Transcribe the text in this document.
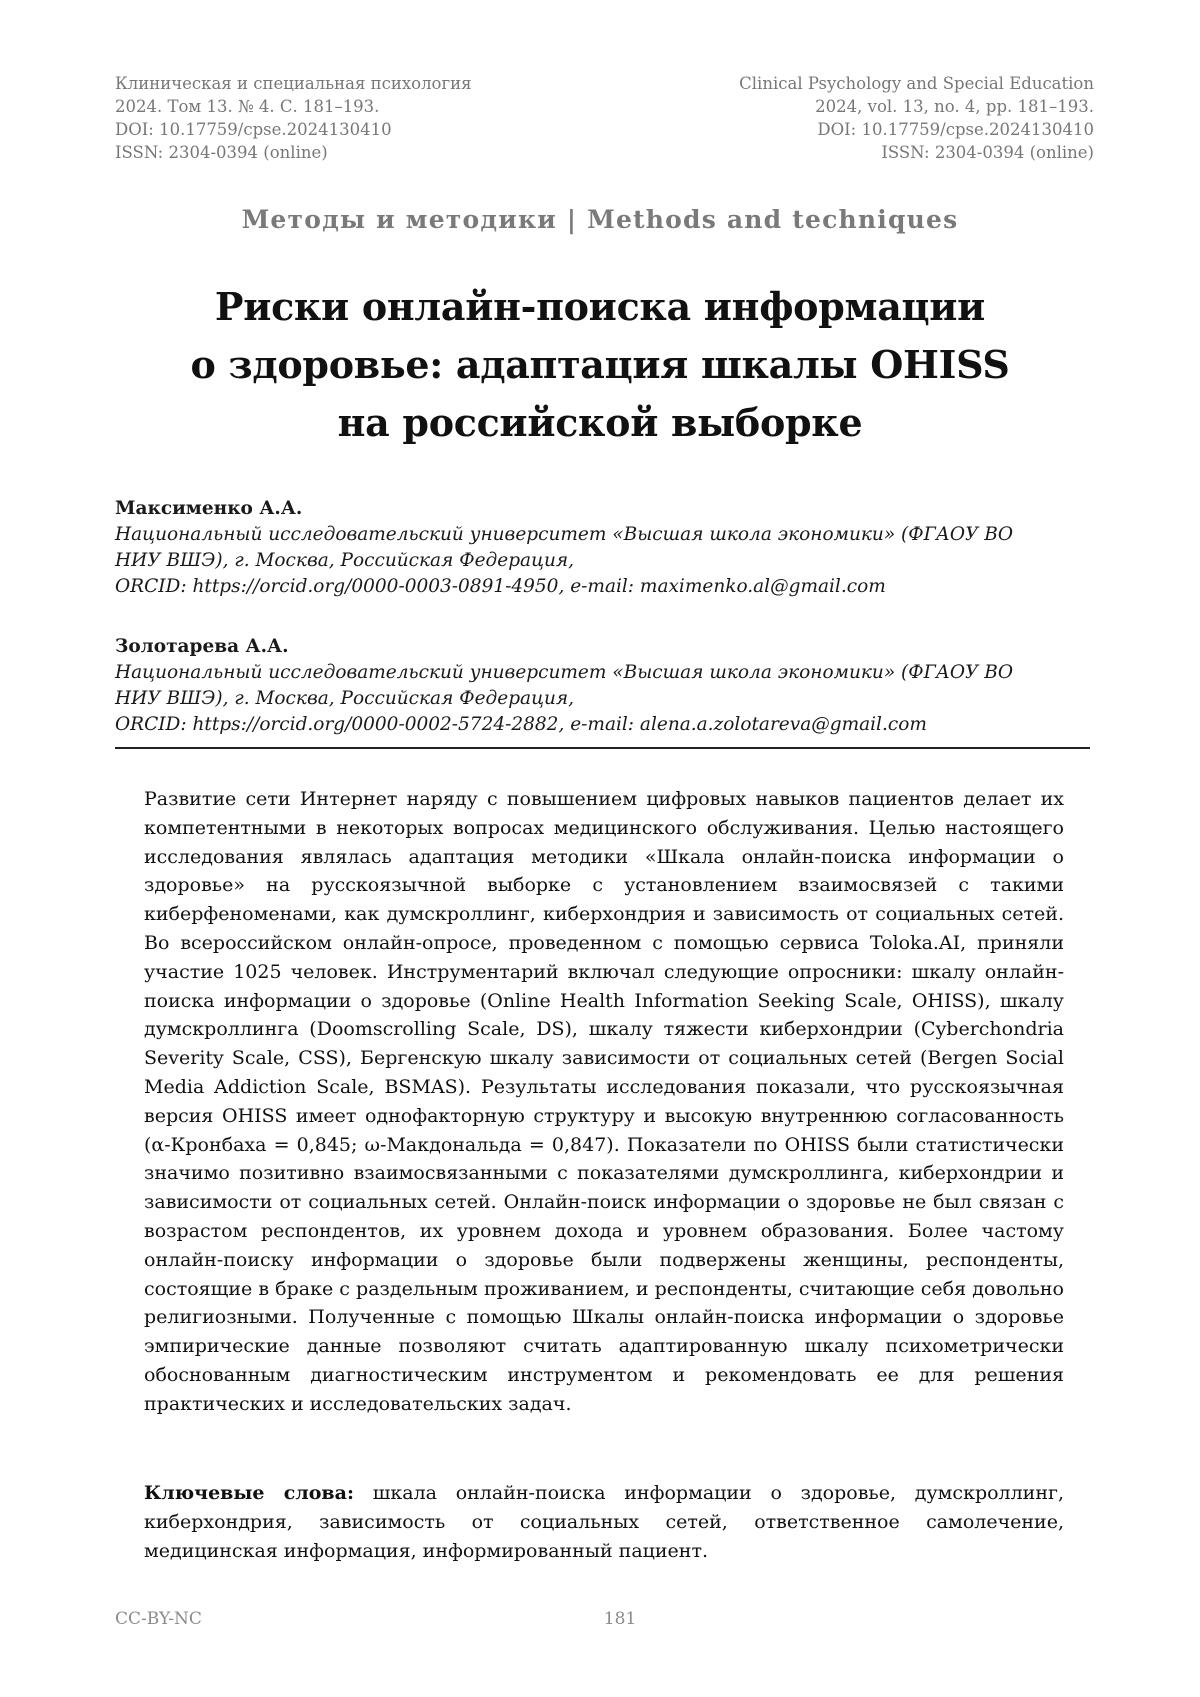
Клиническая и специальная психология
2024. Том 13. № 4. С. 181–193.
DOI: 10.17759/cpse.2024130410
ISSN: 2304-0394 (online)
Clinical Psychology and Special Education
2024, vol. 13, no. 4, pp. 181–193.
DOI: 10.17759/cpse.2024130410
ISSN: 2304-0394 (online)
Методы и методики | Methods and techniques
Риски онлайн-поиска информации
о здоровье: адаптация шкалы OHISS
на российской выборке
Максименко А.А.
Национальный исследовательский университет «Высшая школа экономики» (ФГАОУ ВО
НИУ ВШЭ), г. Москва, Российская Федерация,
ORCID: https://orcid.org/0000-0003-0891-4950, e-mail: maximenko.al@gmail.com
Золотарева А.А.
Национальный исследовательский университет «Высшая школа экономики» (ФГАОУ ВО
НИУ ВШЭ), г. Москва, Российская Федерация,
ORCID: https://orcid.org/0000-0002-5724-2882, e-mail: alena.a.zolotareva@gmail.com
Развитие сети Интернет наряду с повышением цифровых навыков пациентов делает их компетентными в некоторых вопросах медицинского обслуживания. Целью настоящего исследования являлась адаптация методики «Шкала онлайн-поиска информации о здоровье» на русскоязычной выборке с установлением взаимосвязей с такими киберфеноменами, как думскроллинг, киберхондрия и зависимость от социальных сетей. Во всероссийском онлайн-опросе, проведенном с помощью сервиса Toloka.AI, приняли участие 1025 человек. Инструментарий включал следующие опросники: шкалу онлайн-поиска информации о здоровье (Online Health Information Seeking Scale, OHISS), шкалу думскроллинга (Doomscrolling Scale, DS), шкалу тяжести киберхондрии (Cyberchondria Severity Scale, CSS), Бергенскую шкалу зависимости от социальных сетей (Bergen Social Media Addiction Scale, BSMAS). Результаты исследования показали, что русскоязычная версия OHISS имеет однофакторную структуру и высокую внутреннюю согласованность (α-Кронбаха = 0,845; ω-Макдональда = 0,847). Показатели по OHISS были статистически значимо позитивно взаимосвязанными с показателями думскроллинга, киберхондрии и зависимости от социальных сетей. Онлайн-поиск информации о здоровье не был связан с возрастом респондентов, их уровнем дохода и уровнем образования. Более частому онлайн-поиску информации о здоровье были подвержены женщины, респонденты, состоящие в браке с раздельным проживанием, и респонденты, считающие себя довольно религиозными. Полученные с помощью Шкалы онлайн-поиска информации о здоровье эмпирические данные позволяют считать адаптированную шкалу психометрически обоснованным диагностическим инструментом и рекомендовать ее для решения практических и исследовательских задач.
Ключевые слова: шкала онлайн-поиска информации о здоровье, думскроллинг, киберхондрия, зависимость от социальных сетей, ответственное самолечение, медицинская информация, информированный пациент.
CC-BY-NC	181
